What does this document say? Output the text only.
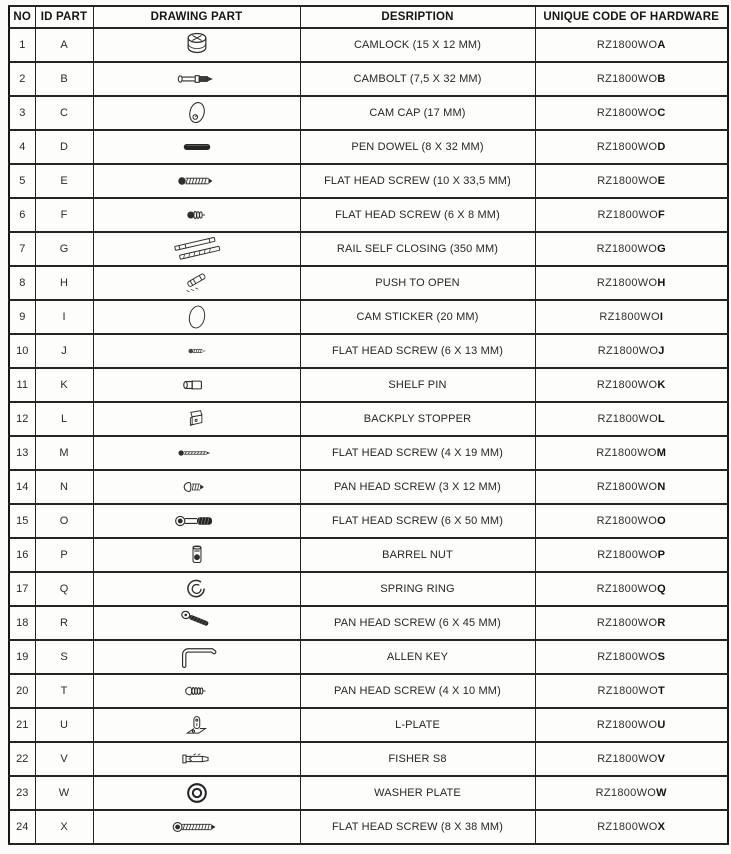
NO	ID PART	DRAWING PART	DESRIPTION	UNIQUE CODE OF HARDWARE
1	A		CAMLOCK (15 X 12 MM)	RZ1800WOA
2	B		CAMBOLT (7,5 X 32 MM)	RZ1800WOB
3	C		CAM CAP (17 MM)	RZ1800WOC
4	D		PEN DOWEL (8 X 32 MM)	RZ1800WOD
5	E		FLAT HEAD SCREW (10 X 33,5 MM)	RZ1800WOE
6	F		FLAT HEAD SCREW (6 X 8 MM)	RZ1800WOF
7	G		RAIL SELF CLOSING (350 MM)	RZ1800WOG
8	H		PUSH TO OPEN	RZ1800WOH
9	I		CAM STICKER (20 MM)	RZ1800WOI
10	J		FLAT HEAD SCREW (6 X 13 MM)	RZ1800WOJ
11	K		SHELF PIN	RZ1800WOK
12	L		BACKPLY STOPPER	RZ1800WOL
13	M		FLAT HEAD SCREW (4 X 19 MM)	RZ1800WOM
14	N		PAN HEAD SCREW (3 X 12 MM)	RZ1800WON
15	O		FLAT HEAD SCREW (6 X 50 MM)	RZ1800WOO
16	P		BARREL NUT	RZ1800WOP
17	Q		SPRING RING	RZ1800WOQ
18	R		PAN HEAD SCREW (6 X 45 MM)	RZ1800WOR
19	S		ALLEN KEY	RZ1800WOS
20	T		PAN HEAD SCREW (4 X 10 MM)	RZ1800WOT
21	U		L-PLATE	RZ1800WOU
22	V		FISHER S8	RZ1800WOV
23	W		WASHER PLATE	RZ1800WOW
24	X		FLAT HEAD SCREW (8 X 38 MM)	RZ1800WOX
